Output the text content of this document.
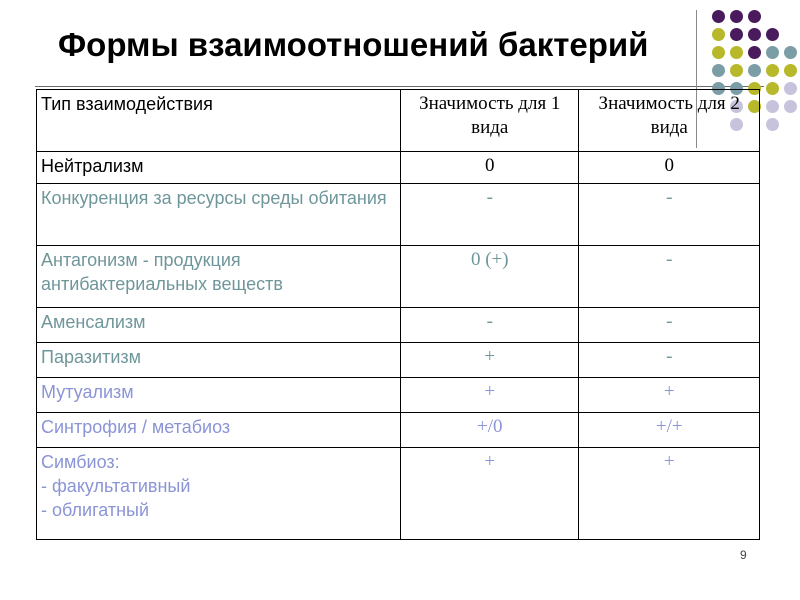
Формы взаимоотношений бактерий
Тип взаимодействия	Значимость для 1 вида	Значимость для 2 вида
Нейтрализм	0	0
Конкуренция за ресурсы среды обитания	-	-
Антагонизм - продукция антибактериальных веществ	0 (+)	-
Аменсализм	-	-
Паразитизм	+	-
Мутуализм	+	+
Синтрофия / метабиоз	+/0	+/+
Симбиоз:
- факультативный
- облигатный	+	+
9
